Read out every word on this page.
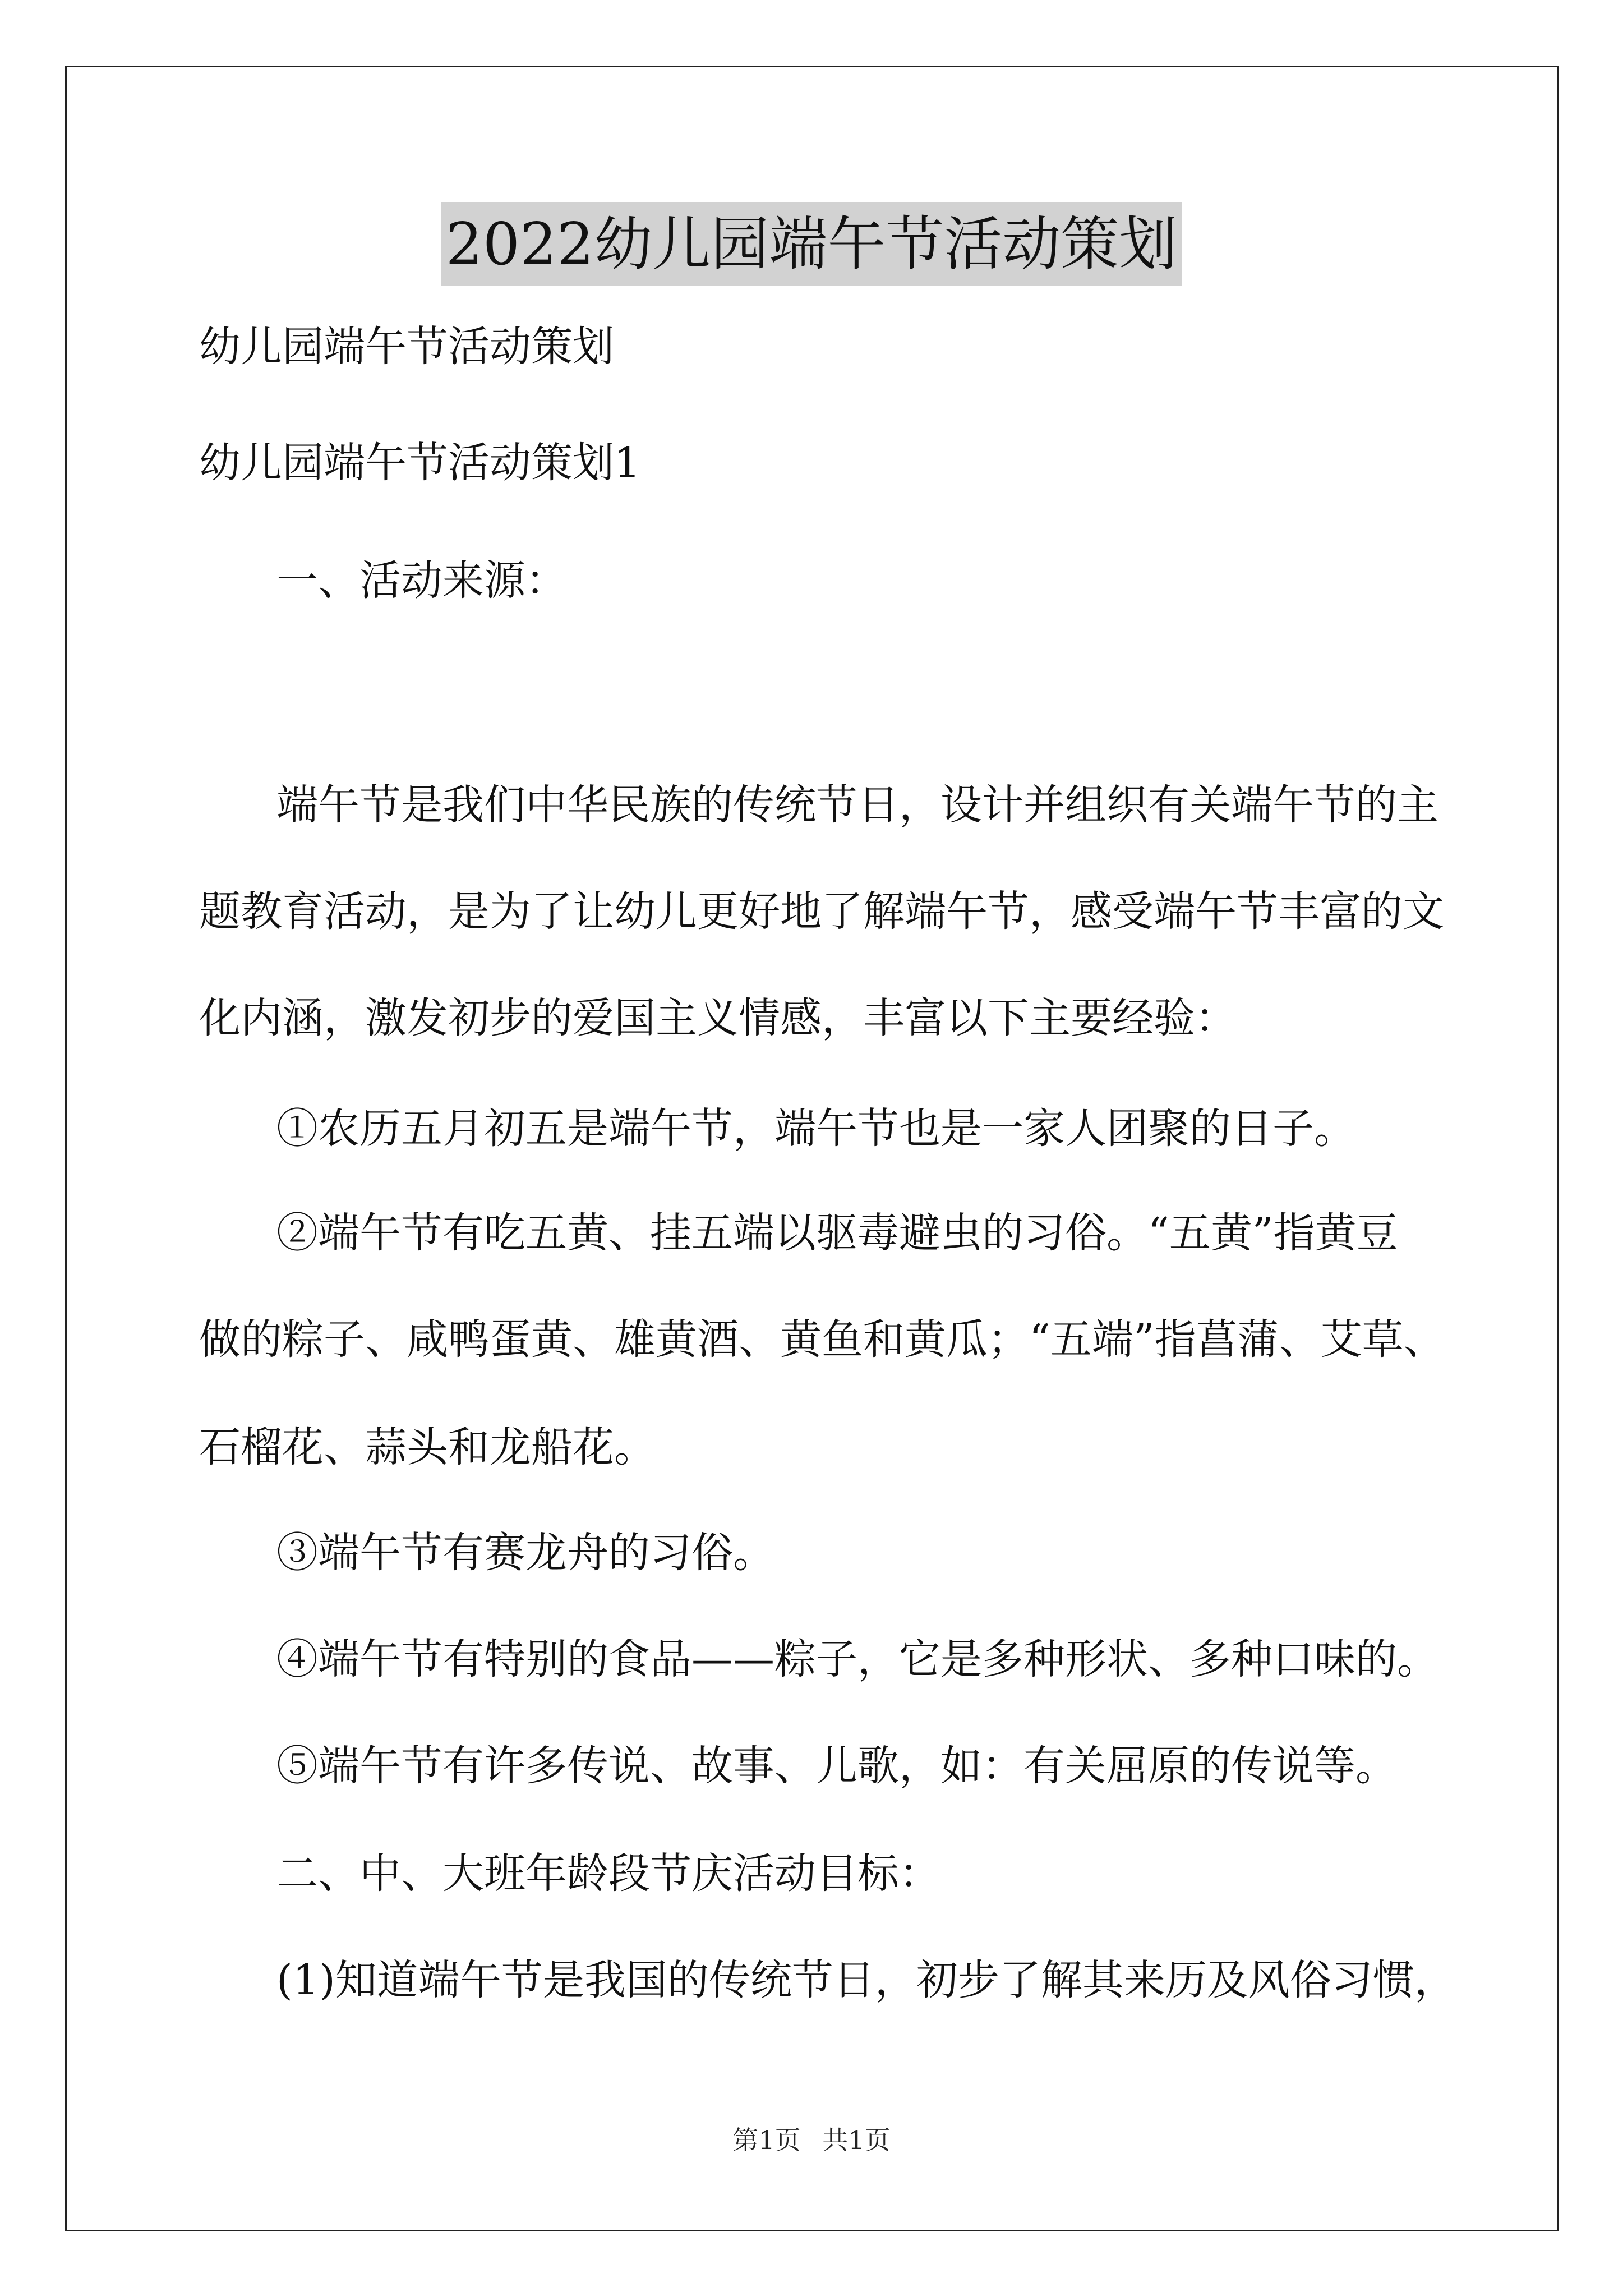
2022幼儿园端午节活动策划
幼儿园端午节活动策划
幼儿园端午节活动策划1
一、活动来源：
端午节是我们中华民族的传统节日，设计并组织有关端午节的主
题教育活动，是为了让幼儿更好地了解端午节，感受端午节丰富的文
化内涵，激发初步的爱国主义情感，丰富以下主要经验：
①农历五月初五是端午节，端午节也是一家人团聚的日子。
②端午节有吃五黄、挂五端以驱毒避虫的习俗。“五黄”指黄豆
做的粽子、咸鸭蛋黄、雄黄酒、黄鱼和黄瓜；“五端”指菖蒲、艾草、
石榴花、蒜头和龙船花。
③端午节有赛龙舟的习俗。
④端午节有特别的食品——粽子，它是多种形状、多种口味的。
⑤端午节有许多传说、故事、儿歌，如：有关屈原的传说等。
二、中、大班年龄段节庆活动目标：
(1)知道端午节是我国的传统节日，初步了解其来历及风俗习惯，
第1页 共1页
